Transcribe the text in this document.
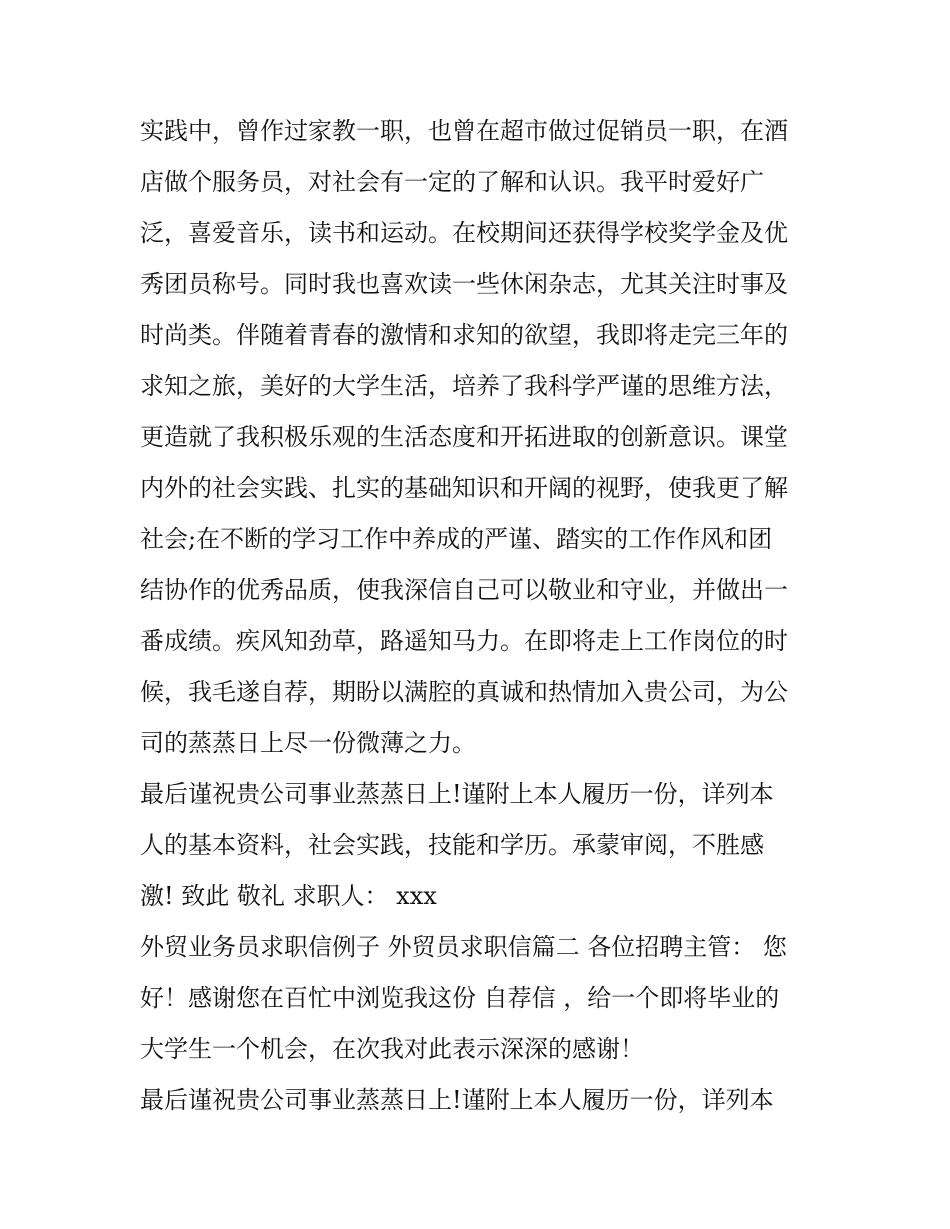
实践中，曾作过家教一职，也曾在超市做过促销员一职，在酒
店做个服务员，对社会有一定的了解和认识。我平时爱好广
泛，喜爱音乐，读书和运动。在校期间还获得学校奖学金及优
秀团员称号。同时我也喜欢读一些休闲杂志，尤其关注时事及
时尚类。伴随着青春的激情和求知的欲望，我即将走完三年的
求知之旅，美好的大学生活，培养了我科学严谨的思维方法，
更造就了我积极乐观的生活态度和开拓进取的创新意识。课堂
内外的社会实践、扎实的基础知识和开阔的视野，使我更了解
社会;在不断的学习工作中养成的严谨、踏实的工作作风和团
结协作的优秀品质，使我深信自己可以敬业和守业，并做出一
番成绩。疾风知劲草，路遥知马力。在即将走上工作岗位的时
候，我毛遂自荐，期盼以满腔的真诚和热情加入贵公司，为公
司的蒸蒸日上尽一份微薄之力。
最后谨祝贵公司事业蒸蒸日上!谨附上本人履历一份，详列本
人的基本资料，社会实践，技能和学历。承蒙审阅，不胜感
激! 致此 敬礼 求职人： xxx
外贸业务员求职信例子 外贸员求职信篇二 各位招聘主管： 您
好！感谢您在百忙中浏览我这份 自荐信 ，给一个即将毕业的
大学生一个机会，在次我对此表示深深的感谢！
最后谨祝贵公司事业蒸蒸日上!谨附上本人履历一份，详列本
